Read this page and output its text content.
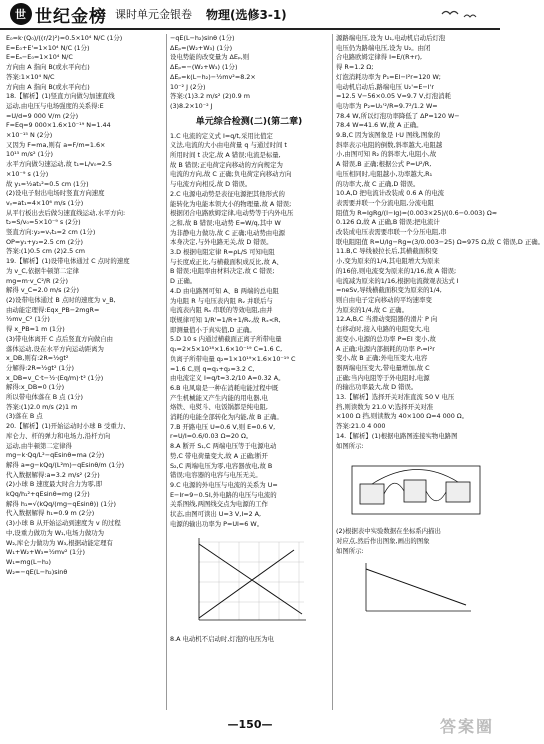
世 世纪金榜 课时单元金银卷 物理(选修3-1)

E₀=k·(Q₀)/((r/2)²)=0.5×10⁴ N/C (1分)

E=E₀+E'=1×10⁴ N/C (1分)

E=Eₐ−E₀=1×10⁴ N/C

方向由 A 指向 B(或水平向右)

答案:1×10⁴ N/C

方向由 A 指向 B(或水平向右)

18.【解析】(1)竖直方向做匀加速直线

运动,由电压与电场强度的关系得:E

=U/d=9 000 V/m (2分)

F=Eq=9 000×1.6×10⁻¹⁹ N=1.44

×10⁻¹⁵ N (2分)

又因为 F=ma,则有 a=F/m=1.6×

10¹⁵ m/s² (1分)

水平方向做匀速运动,故 t₁=L/v₀=2.5

×10⁻⁹ s (1分)

故 y₁=½at₁²=0.5 cm (1分)

(2)设电子射出电场时竖直方向速度

vᵧ=at₁=4×10⁶ m/s (1分)

从平行板出去后做匀速直线运动,水平方向:

t₂=S/v₀=5×10⁻⁹ s (2分)

竖直方向:y₂=vᵧt₂=2 cm (1分)

OP=y₁+y₂=2.5 cm (2分)

答案:(1)0.5 cm (2)2.5 cm

19.【解析】(1)设带电体通过 C 点时的速度

为 v_C,依据牛顿第二定律

mg=m·v_C²/R (2分)

解得 v_C=2.0 m/s (2分)

(2)设带电体通过 B 点时的速度为 v_B,

由动能定理得:Eqx_PB−2mgR=

½mv_C² (1分)

得 x_PB=1 m (1分)

(3)带电体离开 C 点后竖直方向做自由

落体运动,设在水平方向运动距离为

x_DB,则有:2R=½gt²

分解得:2R=½gt² (1分)

x_DB=v_C·t−½·(Eq/m)·t² (1分)

解得:x_DB=0 (1分)

所以带电体落在 B 点 (1分)

答案:(1)2.0 m/s (2)1 m

(3)落在 B 点

20.【解析】(1)开始运动时小球 B 受重力、

库仑力、杆的弹力和电场力,沿杆方向

运动,由牛顿第二定律得

mg−k·Qq/L²−qEsinθ=ma (2分)

解得 a=g−kQq/(L²m)−qEsinθ/m (1分)

代入数据解得:a=3.2 m/s² (2分)

(2)小球 B 速度最大时合力为零,即

kQq/h₁²+qEsinθ=mg (2分)

解得 h₁=√(kQq/(mg−qEsinθ)) (1分)

代入数据解得 h₁=0.9 m (2分)

(3)小球 B 从开始运动到速度为 v 的过程

中,设重力做功为 W₁,电场力做功为

W₂,库仑力做功为 W₃,根据动能定理有

W₁+W₂+W₃=½mv² (1分)

W₁=mg(L−h₂)

W₂=−qE(L−h₂)sinθ

−qE(L−h₂)sinθ (1分)

ΔEₚ=(W₂+W₃) (1分)

设电势能的改变量为 ΔEₚ,则

ΔEₚ=−(W₂+W₃) (1分)

ΔEₚ=k(L−h₂)−½mv²=8.2×

10⁻² J (2分)

答案:(1)3.2 m/s² (2)0.9 m

(3)8.2×10⁻² J

单元综合检测(二)(第二章)

1.C 电流的定义式 I=q/t,采用比值定

义法,电流的大小由电荷量 q 与通过时间 t

所用时间 t 决定,故 A 错误;电流是标量,

故 B 错误;正电荷定向移动的方向规定为

电流的方向,故 C 正确;负电荷定向移动方向

与电流方向相反,故 D 错误。

2.C 电源电动势是表征电源把其他形式的

能转化为电能本领大小的物理量,故 A 错误;

根据闭合电路欧姆定律,电动势等于内外电压

之和,故 B 错误;电动势 E=W/q,其中 W

为非静电力做功,故 C 正确;电动势由电源

本身决定,与外电路无关,故 D 错误。

3.D 根据电阻定律 R=ρL/S 可知电阻

与长度成正比,与横截面积成反比,故 A、

B 错误;电阻率由材料决定,故 C 错误;

D 正确。

4.D 由电路图可知 A、B 两端的总电阻

为电阻 R 与电压表内阻 Rᵥ 并联后与

电流表内阻 Rₐ 串联的等效电阻,由并

联规律可知 1/R'=1/R+1/Rᵥ,故 Rₓ<R,

即测量值小于真实值,D 正确。

5.D 10 s 内通过横截面正离子所带电量

q₁=2×5×10¹⁸×1.6×10⁻¹⁹ C=1.6 C,

负离子所带电量 q₂=1×10¹⁹×1.6×10⁻¹⁹ C

=1.6 C,则 q=q₁+q₂=3.2 C,

由电流定义 I=q/t=3.2/10 A=0.32 A。

6.B 电风扇是一种在消耗电能过程中既

产生机械能又产生内能的用电器,电

烙铁、电熨斗、电饭锅都是纯电阻,

消耗的电能全部转化为内能,故 B 正确。

7.B 开路电压 U=0.6 V,则 E=0.6 V,

r=U/I=0.6/0.03 Ω=20 Ω。

8.A 断开 S₁,C 两端电压等于电源电动

势,C 带电荷量变大,故 A 正确;断开

S₂,C 两端电压为零,电容器放电,故 B

错误;电容器的电容与电压无关。

9.C 电源的外电压与电流的关系为 U=

E−Ir=9−0.5I,外电路的电压与电流的

关系图线,两图线交点为电源的工作

状态,由图可读出 U=3 V,I=2 A,

电源的输出功率为 P=UI=6 W。

8.A 电动机不启动时,灯泡的电压为电

源路端电压,设为 U₁,电动机启动后灯泡

电压仍为路端电压,设为 U₂。由闭

合电路欧姆定律得 I=E/(R+r),

得 R=1.2 Ω;

灯泡消耗功率为 P₁=EI−I²r=120 W;

电动机启动后,路端电压 U₂'=E−I'r

=12.5 V−56×0.05 V=9.7 V,灯泡消耗

电功率为 P₂=U₂'²/R=9.7²/1.2 W=

78.4 W,所以灯泡功率降低了 ΔP=120 W−

78.4 W=41.6 W,故 A 正确。

9.B,C 因为该图象是 I·U 图线,图象的

斜率表示电阻的倒数,斜率越大,电阻越

小,由图可知 R₂ 的斜率大,电阻小,故

A 错误,B 正确;根据公式 P=U²/R,

电压相同时,电阻越小,功率越大,R₁

的功率大,故 C 正确,D 错误。

10.A,D 把电流计改装成 0.6 A 的电流

表需要并联一个分流电阻,分流电阻

阻值为 R=IgRg/(I−Ig)=(0.003×25)/(0.6−0.003) Ω≈

0.126 Ω,故 A 正确,B 错误;把电流计

改装成电压表需要串联一个分压电阻,串

联电阻阻值 R=U/Ig−Rg=(3/0.003−25) Ω=975 Ω,故 C 错误,D 正确。

11.B,C 导线被拉长后,其横截面积变

小,变为原来的1/4,其电阻增大为原来

的16倍,则电流变为原来的1/16,故 A 错误;

电流减为原来的1/16,根据电流微观表达式 I

=neSv,导线横截面积变为原来的1/4,

则自由电子定向移动的平均速率变

为原来的1/4,故 C 正确。

12.A,B,C 当滑动变阻器的滑片 P 向

右移动时,接入电路的电阻变大,电

流变小,电源的总功率 P=EI 变小,故

A 正确;电源内部损耗的功率 Pᵣ=I²r

变小,故 B 正确;外电压变大,电容

器两端电压变大,带电量增加,故 C

正确;当内电阻等于外电阻时,电源

的输出功率最大,故 D 错误。

13.【解析】选择开关对准直流 50 V 电压

挡,则读数为 21.0 V;选择开关对准

×100 Ω 挡,则读数为 40×100 Ω=4 000 Ω。

答案:21.0 4 000

14.【解析】(1)根据电路图连接实物电路图

如图所示:

(2)根据表中实验数据在坐标系内描出

对应点,然后作出图象,画出的图象

如图所示:

—150—	答案圈
